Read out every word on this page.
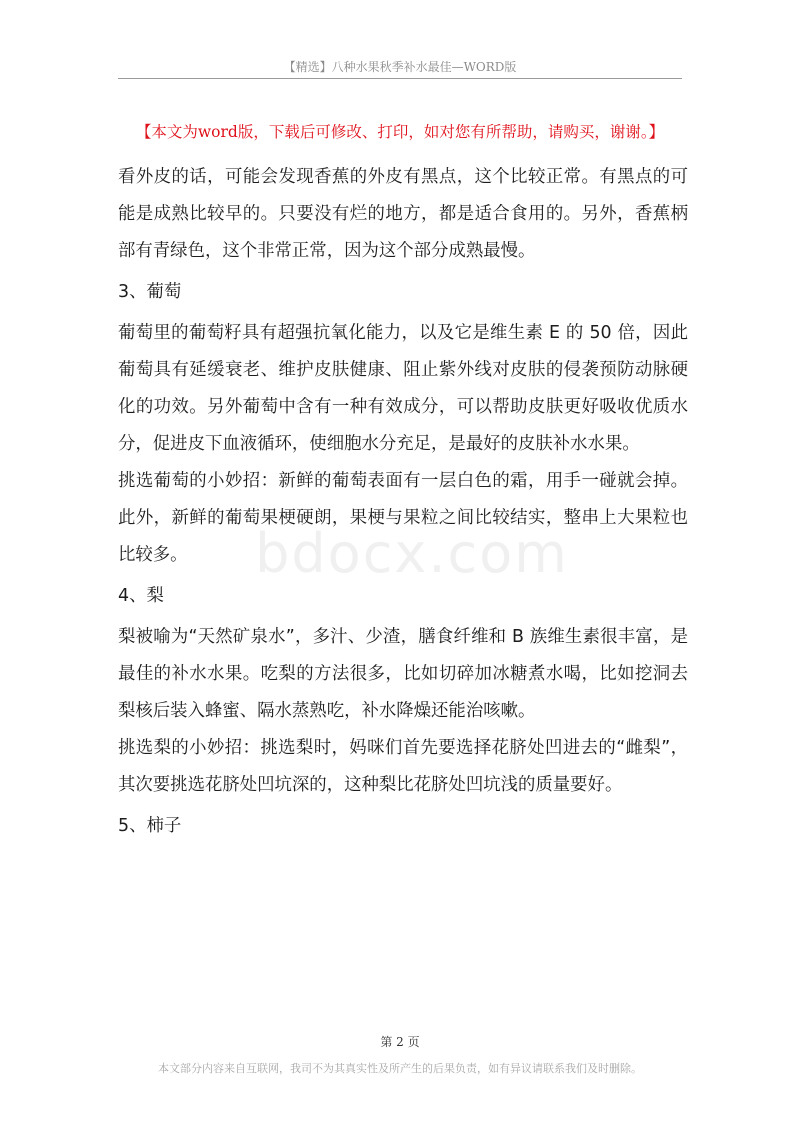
【精选】八种水果秋季补水最佳—WORD版
【本文为word版，下载后可修改、打印，如对您有所帮助，请购买，谢谢。】

看外皮的话，可能会发现香蕉的外皮有黑点，这个比较正常。有黑点的可能是成熟比较早的。只要没有烂的地方，都是适合食用的。另外，香蕉柄部有青绿色，这个非常正常，因为这个部分成熟最慢。

3、葡萄

葡萄里的葡萄籽具有超强抗氧化能力，以及它是维生素 E 的 50 倍，因此葡萄具有延缓衰老、维护皮肤健康、阻止紫外线对皮肤的侵袭预防动脉硬化的功效。另外葡萄中含有一种有效成分，可以帮助皮肤更好吸收优质水分，促进皮下血液循环，使细胞水分充足，是最好的皮肤补水水果。

挑选葡萄的小妙招：新鲜的葡萄表面有一层白色的霜，用手一碰就会掉。此外，新鲜的葡萄果梗硬朗，果梗与果粒之间比较结实，整串上大果粒也比较多。

4、梨

梨被喻为“天然矿泉水”，多汁、少渣，膳食纤维和 B 族维生素很丰富，是最佳的补水水果。吃梨的方法很多，比如切碎加冰糖煮水喝，比如挖洞去梨核后装入蜂蜜、隔水蒸熟吃，补水降燥还能治咳嗽。

挑选梨的小妙招：挑选梨时，妈咪们首先要选择花脐处凹进去的“雌梨”，其次要挑选花脐处凹坑深的，这种梨比花脐处凹坑浅的质量要好。

5、柿子

bdocx.com
第 2 页
本文部分内容来自互联网，我司不为其真实性及所产生的后果负责，如有异议请联系我们及时删除。
